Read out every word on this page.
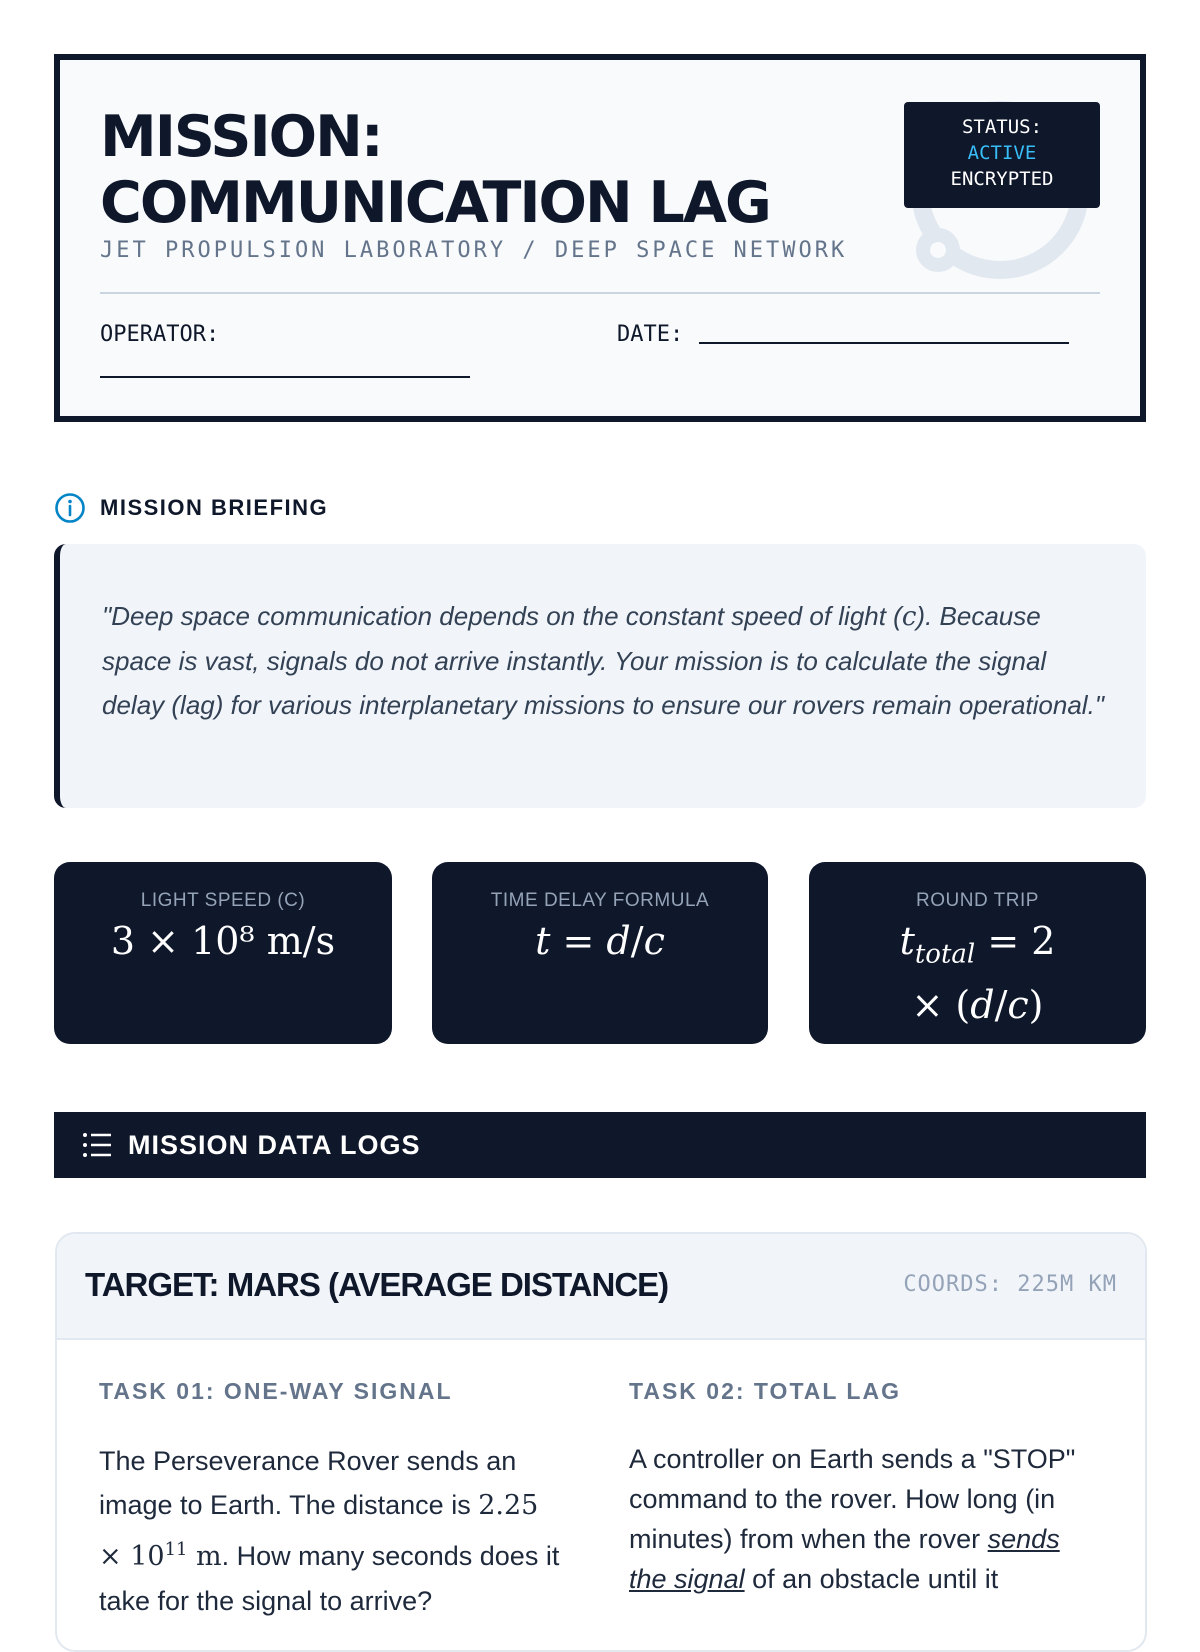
MISSION:
COMMUNICATION LAG
JET PROPULSION LABORATORY / DEEP SPACE NETWORK
STATUS:
ACTIVE
ENCRYPTED
OPERATOR:	DATE:
MISSION BRIEFING
"Deep space communication depends on the constant speed of light (c). Because space is vast, signals do not arrive instantly. Your mission is to calculate the signal delay (lag) for various interplanetary missions to ensure our rovers remain operational."
LIGHT SPEED (C)
3 × 10⁸ m/s
TIME DELAY FORMULA
t = d/c
ROUND TRIP
$t_{total} = 2$
× (d/c)
MISSION DATA LOGS
TARGET: MARS (AVERAGE DISTANCE)	COORDS: 225M KM
TASK 01: ONE-WAY SIGNAL
The Perseverance Rover sends an image to Earth. The distance is $2.25 \times 10^{11}$ m. How many seconds does it take for the signal to arrive?
TASK 02: TOTAL LAG
A controller on Earth sends a "STOP" command to the rover. How long (in minutes) from when the rover sends the signal of an obstacle until it
